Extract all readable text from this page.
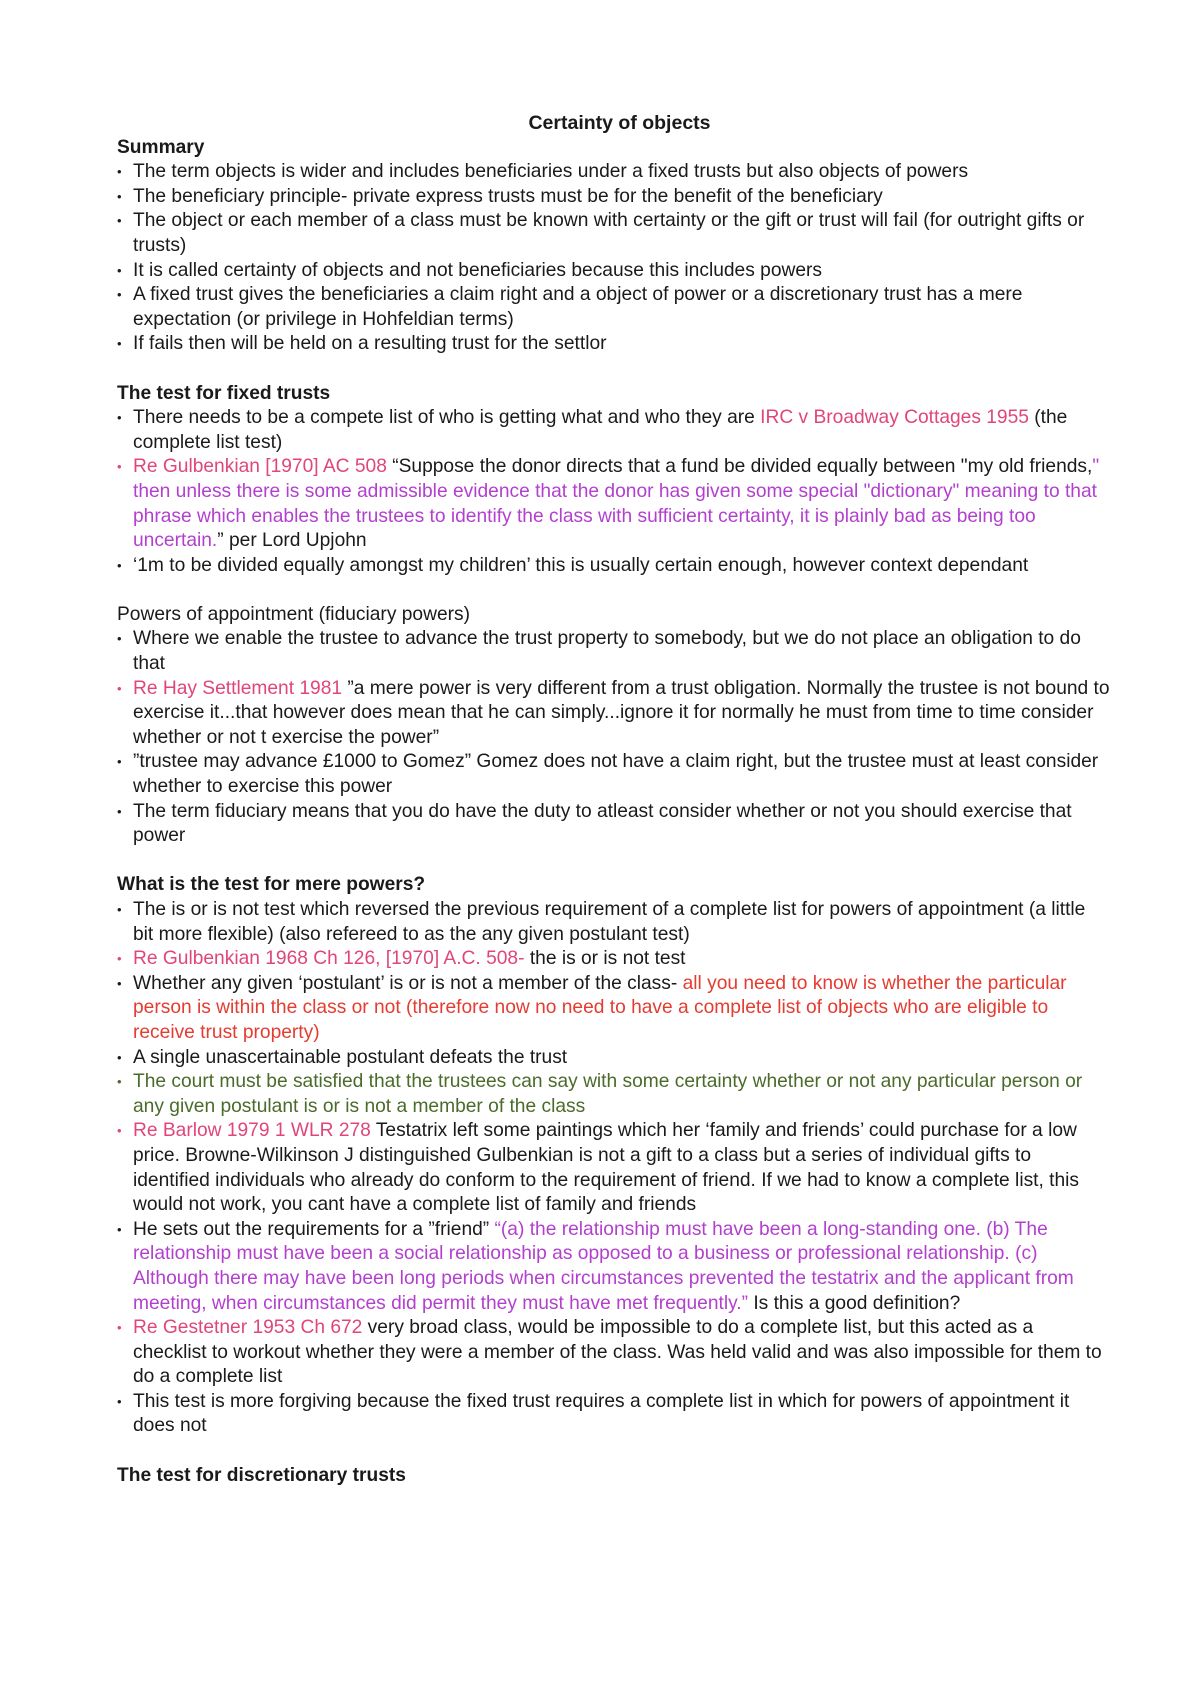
Certainty of objects

Summary

• The term objects is wider and includes beneficiaries under a fixed trusts but also objects of powers
• The beneficiary principle- private express trusts must be for the benefit of the beneficiary
• The object or each member of a class must be known with certainty or the gift or trust will fail (for outright gifts or trusts)
• It is called certainty of objects and not beneficiaries because this includes powers
• A fixed trust gives the beneficiaries a claim right and a object of power or a discretionary trust has a mere expectation (or privilege in Hohfeldian terms)
• If fails then will be held on a resulting trust for the settlor

The test for fixed trusts

• There needs to be a compete list of who is getting what and who they are IRC v Broadway Cottages 1955 (the complete list test)
• Re Gulbenkian [1970] AC 508 “Suppose the donor directs that a fund be divided equally between "my old friends," then unless there is some admissible evidence that the donor has given some special "dictionary" meaning to that phrase which enables the trustees to identify the class with sufficient certainty, it is plainly bad as being too uncertain.” per Lord Upjohn
• ‘1m to be divided equally amongst my children’ this is usually certain enough, however context dependant

Powers of appointment (fiduciary powers)

• Where we enable the trustee to advance the trust property to somebody, but we do not place an obligation to do that
• Re Hay Settlement 1981 ”a mere power is very different from a trust obligation. Normally the trustee is not bound to exercise it...that however does mean that he can simply...ignore it for normally he must from time to time consider whether or not t exercise the power”
• ”trustee may advance £1000 to Gomez” Gomez does not have a claim right, but the trustee must at least consider whether to exercise this power
• The term fiduciary means that you do have the duty to atleast consider whether or not you should exercise that power

What is the test for mere powers?

• The is or is not test which reversed the previous requirement of a complete list for powers of appointment (a little bit more flexible) (also refereed to as the any given postulant test)
• Re Gulbenkian 1968 Ch 126, [1970] A.C. 508- the is or is not test
• Whether any given ‘postulant’ is or is not a member of the class- all you need to know is whether the particular person is within the class or not (therefore now no need to have a complete list of objects who are eligible to receive trust property)
• A single unascertainable postulant defeats the trust
• The court must be satisfied that the trustees can say with some certainty whether or not any particular person or any given postulant is or is not a member of the class
• Re Barlow 1979 1 WLR 278 Testatrix left some paintings which her ‘family and friends’ could purchase for a low price. Browne-Wilkinson J distinguished Gulbenkian is not a gift to a class but a series of individual gifts to identified individuals who already do conform to the requirement of friend. If we had to know a complete list, this would not work, you cant have a complete list of family and friends
• He sets out the requirements for a ”friend” “(a) the relationship must have been a long-standing one. (b) The relationship must have been a social relationship as opposed to a business or professional relationship. (c) Although there may have been long periods when circumstances prevented the testatrix and the applicant from meeting, when circumstances did permit they must have met frequently.” Is this a good definition?
• Re Gestetner 1953 Ch 672 very broad class, would be impossible to do a complete list, but this acted as a checklist to workout whether they were a member of the class. Was held valid and was also impossible for them to do a complete list
• This test is more forgiving because the fixed trust requires a complete list in which for powers of appointment it does not

The test for discretionary trusts
